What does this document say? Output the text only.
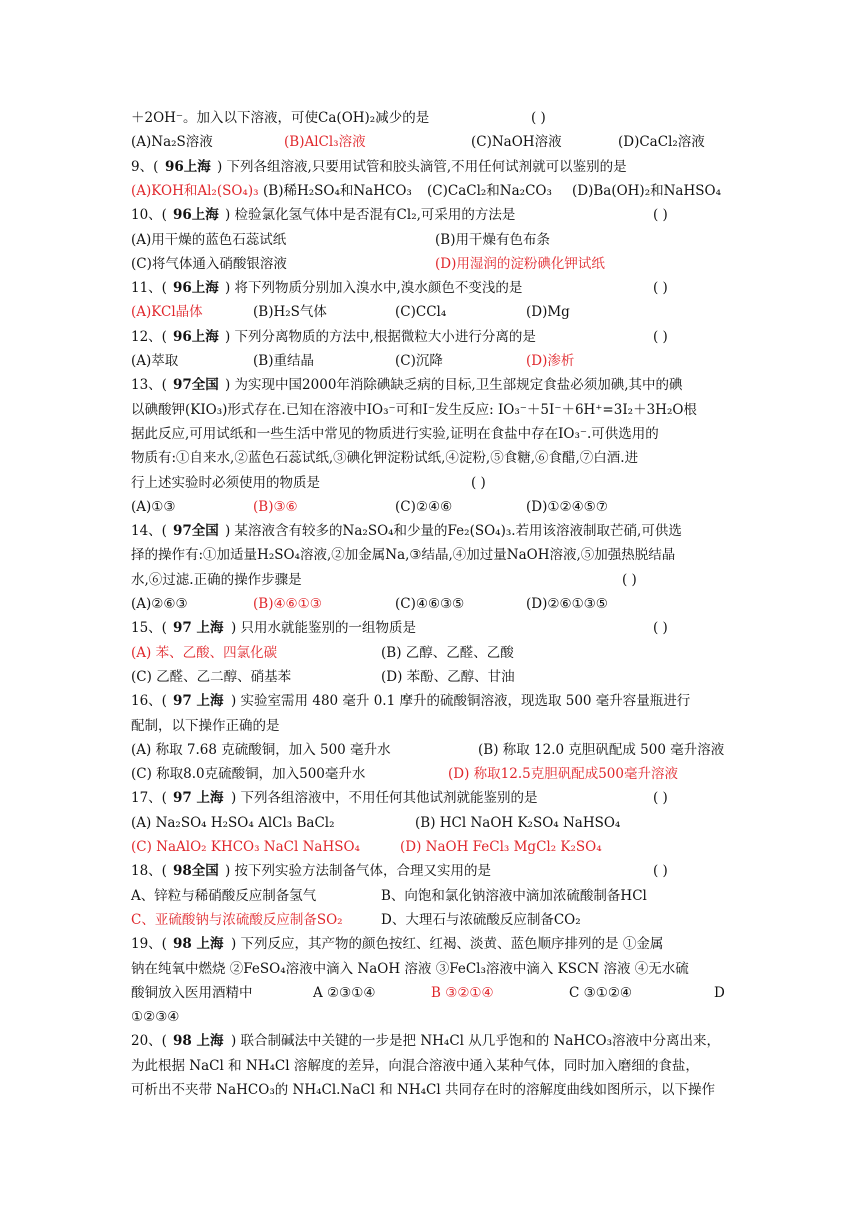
＋2OH⁻。加入以下溶液，可使Ca(OH)₂减少的是	( )
(A)Na₂S溶液	(B)AlCl₃溶液	(C)NaOH溶液	(D)CaCl₂溶液
9、( 96上海 ) 下列各组溶液,只要用试管和胶头滴管,不用任何试剂就可以鉴别的是
(A)KOH和Al₂(SO₄)₃ (B)稀H₂SO₄和NaHCO₃ (C)CaCl₂和Na₂CO₃ (D)Ba(OH)₂和NaHSO₄
10、( 96上海 ) 检验氯化氢气体中是否混有Cl₂,可采用的方法是	( )
(A)用干燥的蓝色石蕊试纸	(B)用干燥有色布条
(C)将气体通入硝酸银溶液	(D)用湿润的淀粉碘化钾试纸
11、( 96上海 ) 将下列物质分别加入溴水中,溴水颜色不变浅的是	( )
(A)KCl晶体	(B)H₂S气体	(C)CCl₄	(D)Mg
12、( 96上海 ) 下列分离物质的方法中,根据微粒大小进行分离的是	( )
(A)萃取	(B)重结晶	(C)沉降	(D)渗析
13、( 97全国 ) 为实现中国2000年消除碘缺乏病的目标,卫生部规定食盐必须加碘,其中的碘
以碘酸钾(KIO₃)形式存在.已知在溶液中IO₃⁻可和I⁻发生反应: IO₃⁻＋5I⁻＋6H⁺=3I₂＋3H₂O根
据此反应,可用试纸和一些生活中常见的物质进行实验,证明在食盐中存在IO₃⁻.可供选用的
物质有:①自来水,②蓝色石蕊试纸,③碘化钾淀粉试纸,④淀粉,⑤食糖,⑥食醋,⑦白酒.进
行上述实验时必须使用的物质是	( )
(A)①③	(B)③⑥	(C)②④⑥	(D)①②④⑤⑦
14、( 97全国 ) 某溶液含有较多的Na₂SO₄和少量的Fe₂(SO₄)₃.若用该溶液制取芒硝,可供选
择的操作有:①加适量H₂SO₄溶液,②加金属Na,③结晶,④加过量NaOH溶液,⑤加强热脱结晶
水,⑥过滤.正确的操作步骤是	( )
(A)②⑥③	(B)④⑥①③	(C)④⑥③⑤	(D)②⑥①③⑤
15、( 97 上海 ) 只用水就能鉴别的一组物质是	( )
(A) 苯、乙酸、四氯化碳	(B) 乙醇、乙醛、乙酸
(C) 乙醛、乙二醇、硝基苯	(D) 苯酚、乙醇、甘油
16、( 97 上海 ) 实验室需用 480 毫升 0.1 摩升的硫酸铜溶液，现选取 500 毫升容量瓶进行
配制，以下操作正确的是
(A) 称取 7.68 克硫酸铜，加入 500 毫升水	(B) 称取 12.0 克胆矾配成 500 毫升溶液
(C) 称取8.0克硫酸铜，加入500毫升水	(D) 称取12.5克胆矾配成500毫升溶液
17、( 97 上海 ) 下列各组溶液中，不用任何其他试剂就能鉴别的是	( )
(A) Na₂SO₄ H₂SO₄ AlCl₃ BaCl₂	(B) HCl NaOH K₂SO₄ NaHSO₄
(C) NaAlO₂ KHCO₃ NaCl NaHSO₄	(D) NaOH FeCl₃ MgCl₂ K₂SO₄
18、( 98全国 ) 按下列实验方法制备气体，合理又实用的是	( )
A、锌粒与稀硝酸反应制备氢气	B、向饱和氯化钠溶液中滴加浓硫酸制备HCl
C、亚硫酸钠与浓硫酸反应制备SO₂	D、大理石与浓硫酸反应制备CO₂
19、( 98 上海 ) 下列反应，其产物的颜色按红、红褐、淡黄、蓝色顺序排列的是 ①金属
钠在纯氧中燃烧 ②FeSO₄溶液中滴入 NaOH 溶液 ③FeCl₃溶液中滴入 KSCN 溶液 ④无水硫
酸铜放入医用酒精中	A ②③①④	B ③②①④	C ③①②④	D
①②③④
20、( 98 上海 ) 联合制碱法中关键的一步是把 NH₄Cl 从几乎饱和的 NaHCO₃溶液中分离出来，
为此根据 NaCl 和 NH₄Cl 溶解度的差异，向混合溶液中通入某种气体，同时加入磨细的食盐，
可析出不夹带 NaHCO₃的 NH₄Cl.NaCl 和 NH₄Cl 共同存在时的溶解度曲线如图所示，以下操作
